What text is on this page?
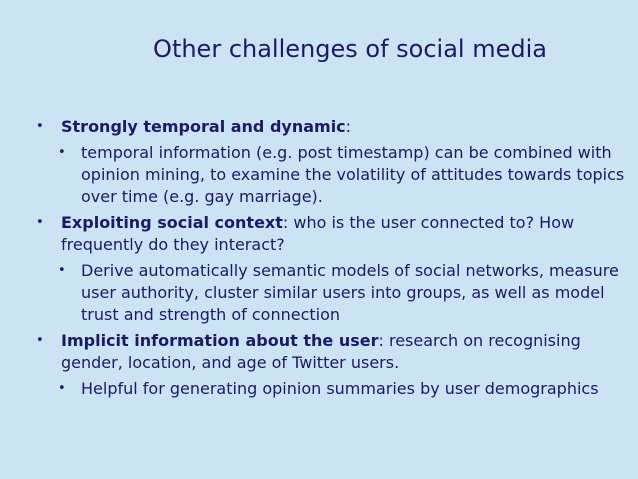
Other challenges of social media
• Strongly temporal and dynamic:
• temporal information (e.g. post timestamp) can be combined with opinion mining, to examine the volatility of attitudes towards topics over time (e.g. gay marriage).
• Exploiting social context: who is the user connected to? How frequently do they interact?
• Derive automatically semantic models of social networks, measure user authority, cluster similar users into groups, as well as model trust and strength of connection
• Implicit information about the user: research on recognising gender, location, and age of Twitter users.
• Helpful for generating opinion summaries by user demographics
